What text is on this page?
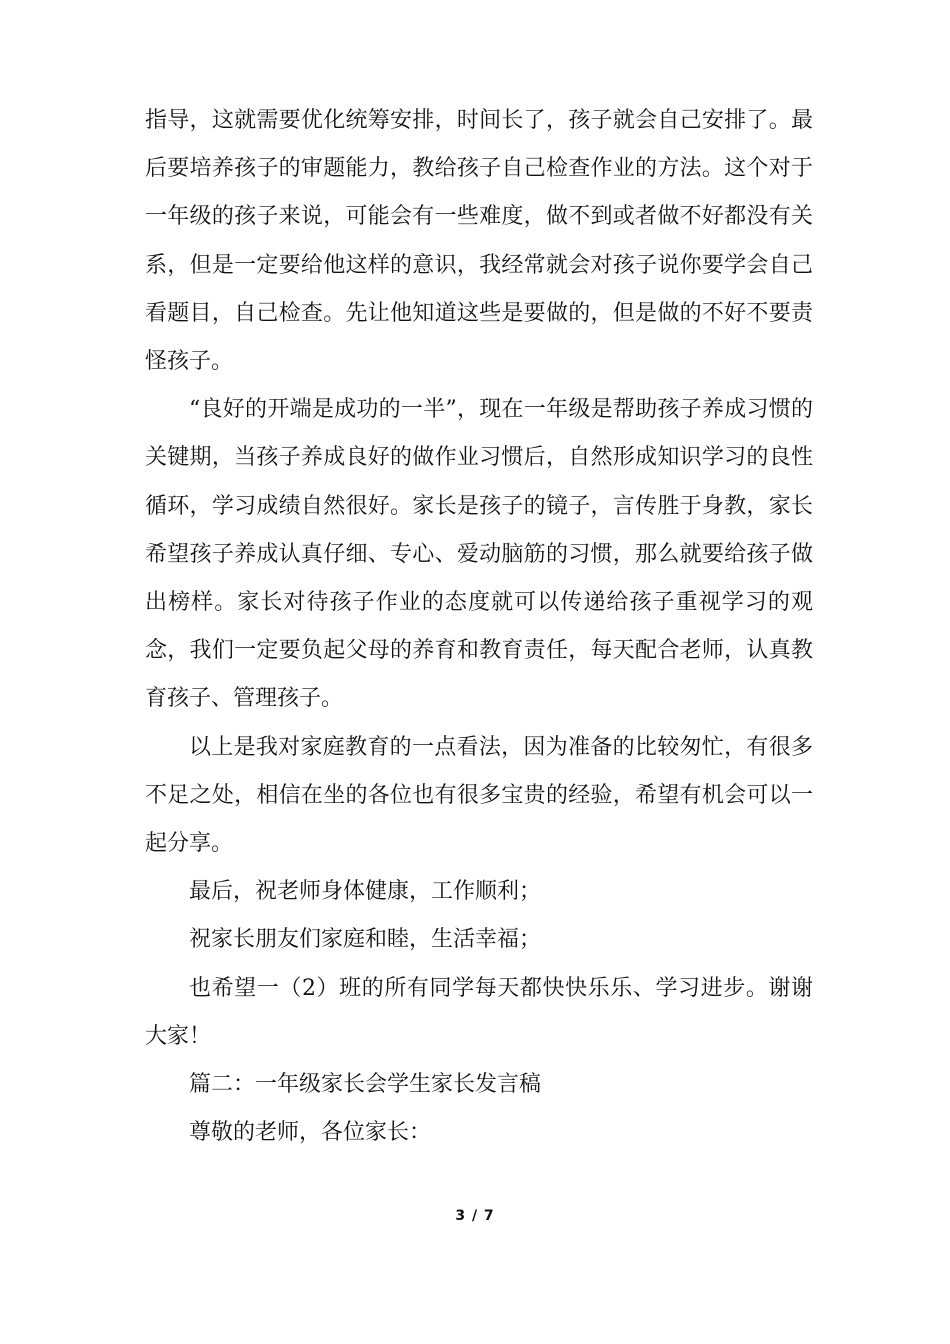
指导，这就需要优化统筹安排，时间长了，孩子就会自己安排了。最后要培养孩子的审题能力，教给孩子自己检查作业的方法。这个对于一年级的孩子来说，可能会有一些难度，做不到或者做不好都没有关系，但是一定要给他这样的意识，我经常就会对孩子说你要学会自己看题目，自己检查。先让他知道这些是要做的，但是做的不好不要责怪孩子。

“良好的开端是成功的一半”，现在一年级是帮助孩子养成习惯的关键期，当孩子养成良好的做作业习惯后，自然形成知识学习的良性循环，学习成绩自然很好。家长是孩子的镜子，言传胜于身教，家长希望孩子养成认真仔细、专心、爱动脑筋的习惯，那么就要给孩子做出榜样。家长对待孩子作业的态度就可以传递给孩子重视学习的观念，我们一定要负起父母的养育和教育责任，每天配合老师，认真教育孩子、管理孩子。

以上是我对家庭教育的一点看法，因为准备的比较匆忙，有很多不足之处，相信在坐的各位也有很多宝贵的经验，希望有机会可以一起分享。

最后，祝老师身体健康，工作顺利；

祝家长朋友们家庭和睦，生活幸福；

也希望一（2）班的所有同学每天都快快乐乐、学习进步。谢谢大家！

篇二：一年级家长会学生家长发言稿

尊敬的老师，各位家长：

3 / 7
